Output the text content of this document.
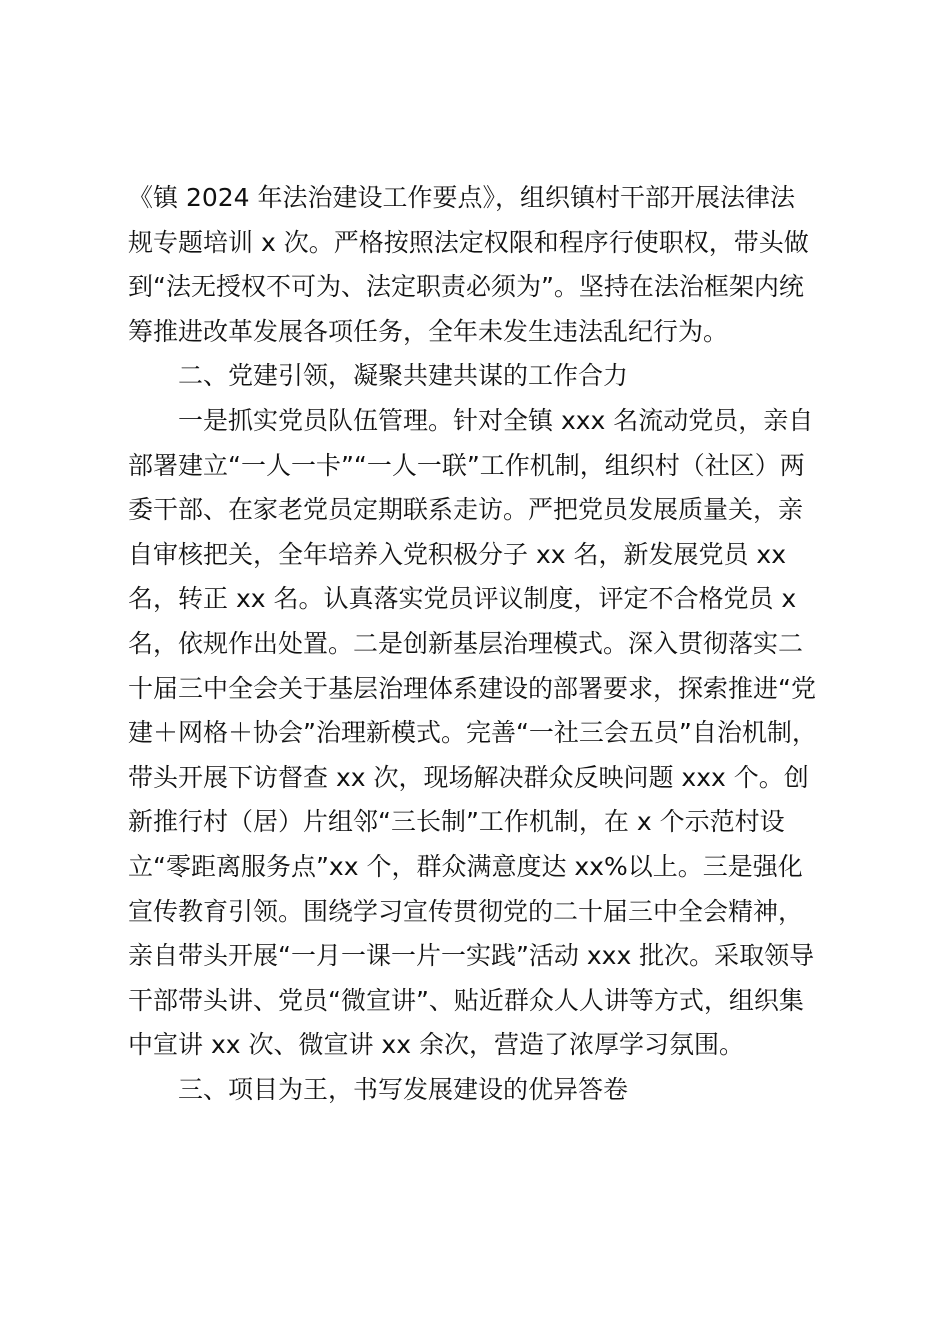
《镇 2024 年法治建设工作要点》，组织镇村干部开展法律法
规专题培训 x 次。严格按照法定权限和程序行使职权，带头做
到“法无授权不可为、法定职责必须为”。坚持在法治框架内统
筹推进改革发展各项任务，全年未发生违法乱纪行为。
二、党建引领，凝聚共建共谋的工作合力
一是抓实党员队伍管理。针对全镇 xxx 名流动党员，亲自
部署建立“一人一卡”“一人一联”工作机制，组织村（社区）两
委干部、在家老党员定期联系走访。严把党员发展质量关，亲
自审核把关，全年培养入党积极分子 xx 名，新发展党员 xx
名，转正 xx 名。认真落实党员评议制度，评定不合格党员 x
名，依规作出处置。二是创新基层治理模式。深入贯彻落实二
十届三中全会关于基层治理体系建设的部署要求，探索推进“党
建＋网格＋协会”治理新模式。完善“一社三会五员”自治机制，
带头开展下访督查 xx 次，现场解决群众反映问题 xxx 个。创
新推行村（居）片组邻“三长制”工作机制，在 x 个示范村设
立“零距离服务点”xx 个，群众满意度达 xx%以上。三是强化
宣传教育引领。围绕学习宣传贯彻党的二十届三中全会精神，
亲自带头开展“一月一课一片一实践”活动 xxx 批次。采取领导
干部带头讲、党员“微宣讲”、贴近群众人人讲等方式，组织集
中宣讲 xx 次、微宣讲 xx 余次，营造了浓厚学习氛围。
三、项目为王，书写发展建设的优异答卷
